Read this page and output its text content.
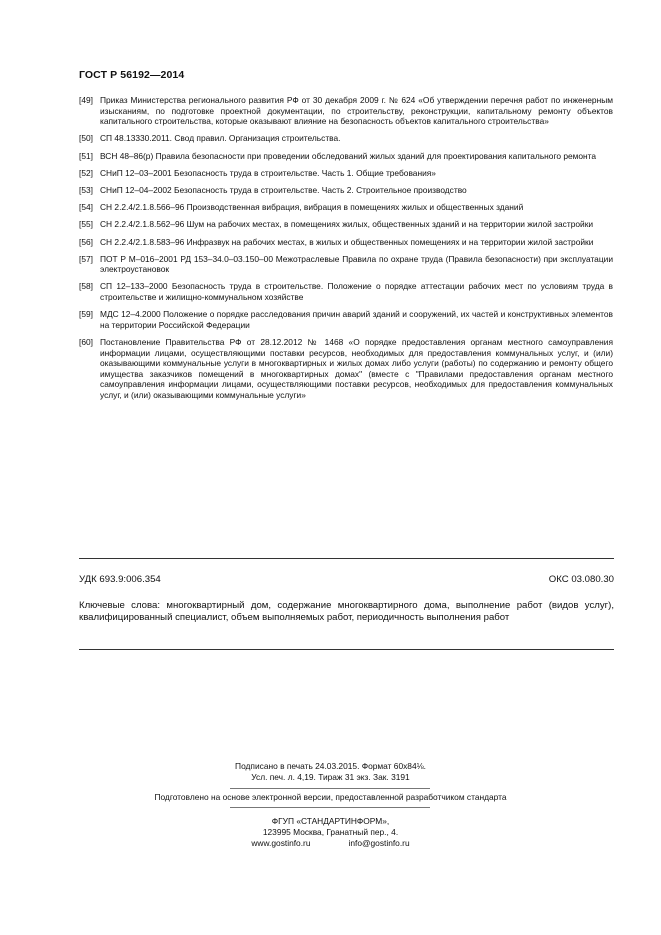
ГОСТ Р 56192—2014
[49] Приказ Министерства регионального развития РФ от 30 декабря 2009 г. № 624 «Об утверждении перечня работ по инженерным изысканиям, по подготовке проектной документации, по строительству, реконструкции, капитальному ремонту объектов капитального строительства, которые оказывают влияние на безопасность объектов капитального строительства»
[50] СП 48.13330.2011. Свод правил. Организация строительства.
[51] ВСН 48–86(р) Правила безопасности при проведении обследований жилых зданий для проектирования капитального ремонта
[52] СНиП 12–03–2001 Безопасность труда в строительстве. Часть 1. Общие требования»
[53] СНиП 12–04–2002 Безопасность труда в строительстве. Часть 2. Строительное производство
[54] СН 2.2.4/2.1.8.566–96 Производственная вибрация, вибрация в помещениях жилых и общественных зданий
[55] СН 2.2.4/2.1.8.562–96 Шум на рабочих местах, в помещениях жилых, общественных зданий и на территории жилой застройки
[56] СН 2.2.4/2.1.8.583–96 Инфразвук на рабочих местах, в жилых и общественных помещениях и на территории жилой застройки
[57] ПОТ Р М–016–2001 РД 153–34.0–03.150–00 Межотраслевые Правила по охране труда (Правила безопасности) при эксплуатации электроустановок
[58] СП 12–133–2000 Безопасность труда в строительстве. Положение о порядке аттестации рабочих мест по условиям труда в строительстве и жилищно-коммунальном хозяйстве
[59] МДС 12–4.2000 Положение о порядке расследования причин аварий зданий и сооружений, их частей и конструктивных элементов на территории Российской Федерации
[60] Постановление Правительства РФ от 28.12.2012 № 1468 «О порядке предоставления органам местного самоуправления информации лицами, осуществляющими поставки ресурсов, необходимых для предоставления коммунальных услуг, и (или) оказывающими коммунальные услуги в многоквартирных и жилых домах либо услуги (работы) по содержанию и ремонту общего имущества заказчиков помещений в многоквартирных домах" (вместе с "Правилами предоставления органам местного самоуправления информации лицами, осуществляющими поставки ресурсов, необходимых для предоставления коммунальных услуг, и (или) оказывающими коммунальные услуги»
УДК 693.9:006.354	ОКС 03.080.30
Ключевые слова: многоквартирный дом, содержание многоквартирного дома, выполнение работ (видов услуг), квалифицированный специалист, объем выполняемых работ, периодичность выполнения работ
Подписано в печать 24.03.2015. Формат 60x84⅛.
Усл. печ. л. 4,19. Тираж 31 экз. Зак. 3191
Подготовлено на основе электронной версии, предоставленной разработчиком стандарта
ФГУП «СТАНДАРТИНФОРМ»,
123995 Москва, Гранатный пер., 4.
www.gostinfo.ru	info@gostinfo.ru
